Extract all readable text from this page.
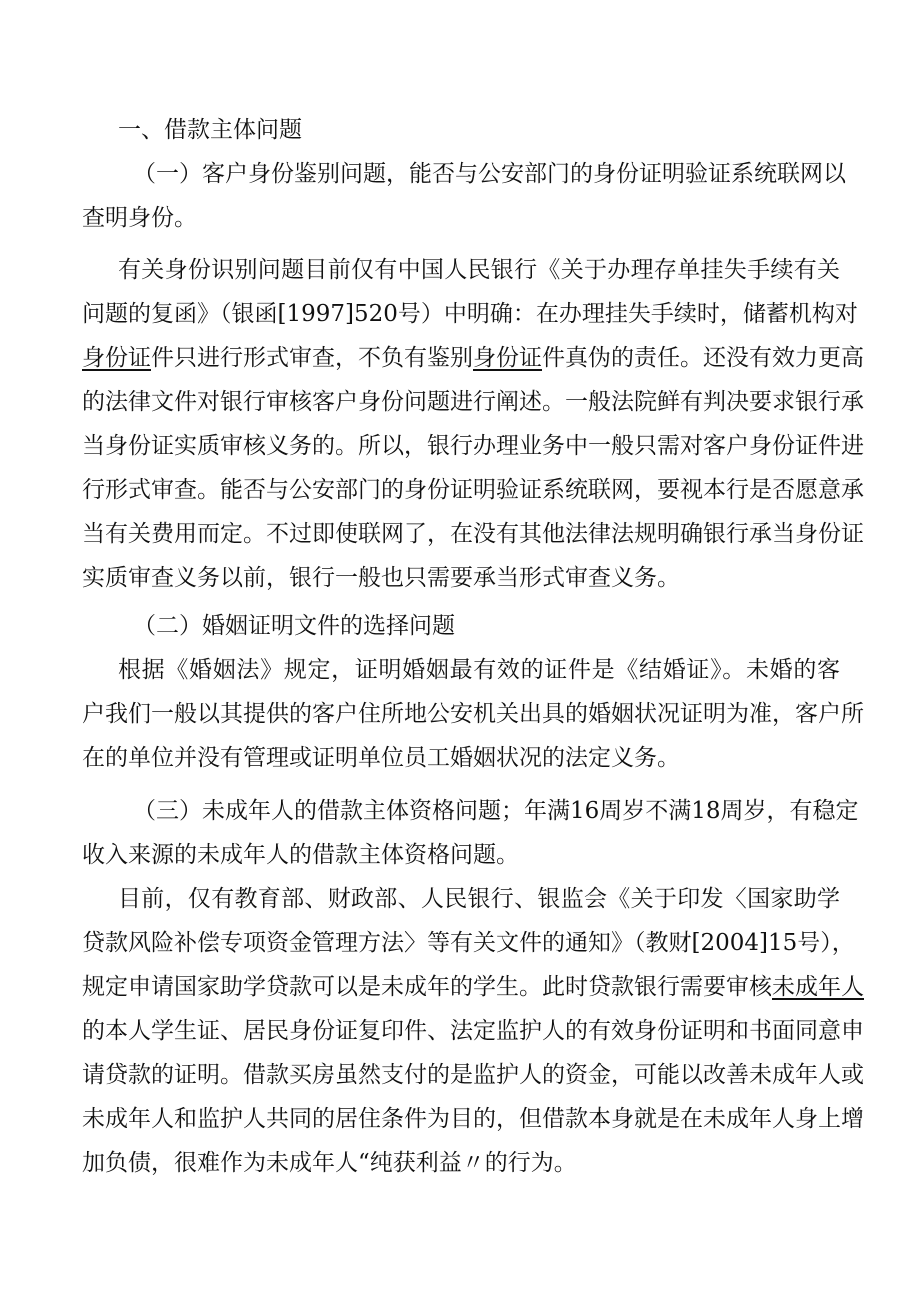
一、借款主体问题
（一）客户身份鉴别问题，能否与公安部门的身份证明验证系统联网以
查明身份。
有关身份识别问题目前仅有中国人民银行《关于办理存单挂失手续有关
问题的复函》（银函[1997]520号）中明确：在办理挂失手续时，储蓄机构对
身份证件只进行形式审查，不负有鉴别身份证件真伪的责任。还没有效力更高
的法律文件对银行审核客户身份问题进行阐述。一般法院鲜有判决要求银行承
当身份证实质审核义务的。所以，银行办理业务中一般只需对客户身份证件进
行形式审查。能否与公安部门的身份证明验证系统联网，要视本行是否愿意承
当有关费用而定。不过即使联网了，在没有其他法律法规明确银行承当身份证
实质审查义务以前，银行一般也只需要承当形式审查义务。
（二）婚姻证明文件的选择问题
根据《婚姻法》规定，证明婚姻最有效的证件是《结婚证》。未婚的客
户我们一般以其提供的客户住所地公安机关出具的婚姻状况证明为准，客户所
在的单位并没有管理或证明单位员工婚姻状况的法定义务。
（三）未成年人的借款主体资格问题；年满16周岁不满18周岁，有稳定
收入来源的未成年人的借款主体资格问题。
目前，仅有教育部、财政部、人民银行、银监会《关于印发〈国家助学
贷款风险补偿专项资金管理方法〉等有关文件的通知》（教财[2004]15号），
规定申请国家助学贷款可以是未成年的学生。此时贷款银行需要审核未成年人
的本人学生证、居民身份证复印件、法定监护人的有效身份证明和书面同意申
请贷款的证明。借款买房虽然支付的是监护人的资金，可能以改善未成年人或
未成年人和监护人共同的居住条件为目的，但借款本身就是在未成年人身上增
加负债，很难作为未成年人“纯获利益〃的行为。
